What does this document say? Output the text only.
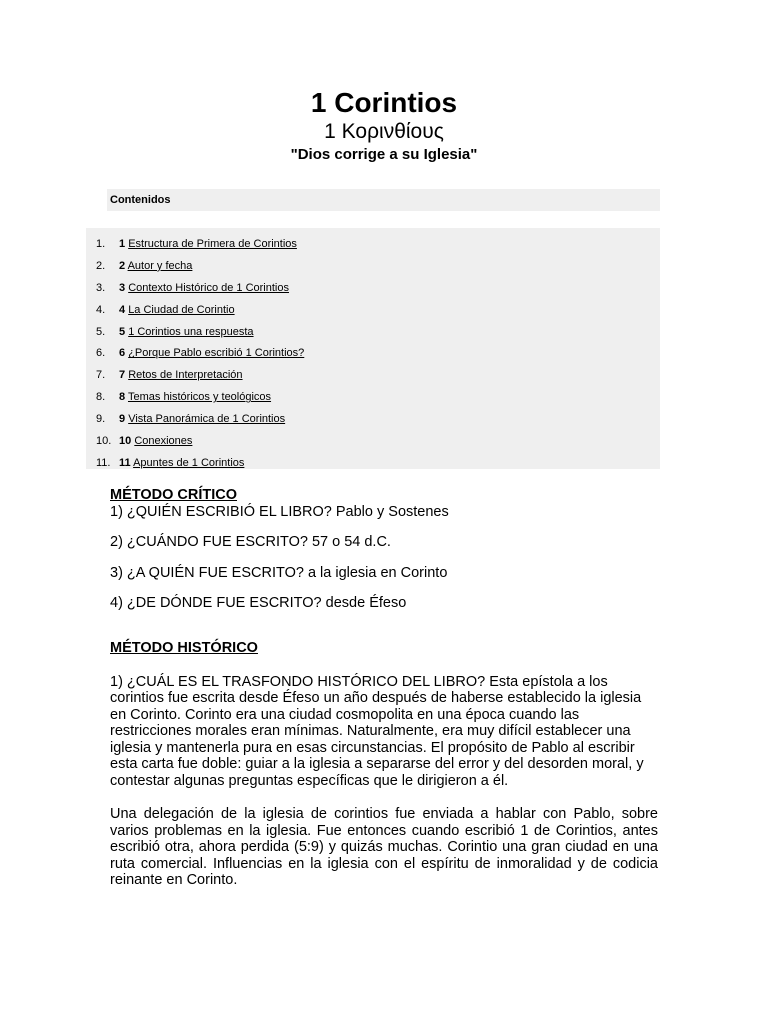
1 Corintios
1 Κορινθίους
"Dios corrige a su Iglesia"
Contenidos
1. 1 Estructura de Primera de Corintios
2. 2 Autor y fecha
3. 3 Contexto Histórico de 1 Corintios
4. 4 La Ciudad de Corintio
5. 5 1 Corintios una respuesta
6. 6 ¿Porque Pablo escribió 1 Corintios?
7. 7 Retos de Interpretación
8. 8 Temas históricos y teológicos
9. 9 Vista Panorámica de 1 Corintios
10. 10 Conexiones
11. 11 Apuntes de 1 Corintios
MÉTODO CRÍTICO
1) ¿QUIÉN ESCRIBIÓ EL LIBRO? Pablo y Sostenes
2) ¿CUÁNDO FUE ESCRITO? 57 o 54 d.C.
3) ¿A QUIÉN FUE ESCRITO? a la iglesia en Corinto
4) ¿DE DÓNDE FUE ESCRITO? desde Éfeso
MÉTODO HISTÓRICO
1) ¿CUÁL ES EL TRASFONDO HISTÓRICO DEL LIBRO? Esta epístola a los corintios fue escrita desde Éfeso un año después de haberse establecido la iglesia en Corinto. Corinto era una ciudad cosmopolita en una época cuando las restricciones morales eran mínimas. Naturalmente, era muy difícil establecer una iglesia y mantenerla pura en esas circunstancias. El propósito de Pablo al escribir esta carta fue doble: guiar a la iglesia a separarse del error y del desorden moral, y contestar algunas preguntas específicas que le dirigieron a él.
Una delegación de la iglesia de corintios fue enviada a hablar con Pablo, sobre varios problemas en la iglesia. Fue entonces cuando escribió 1 de Corintios, antes escribió otra, ahora perdida (5:9) y quizás muchas. Corintio una gran ciudad en una ruta comercial. Influencias en la iglesia con el espíritu de inmoralidad y de codicia reinante en Corinto.
